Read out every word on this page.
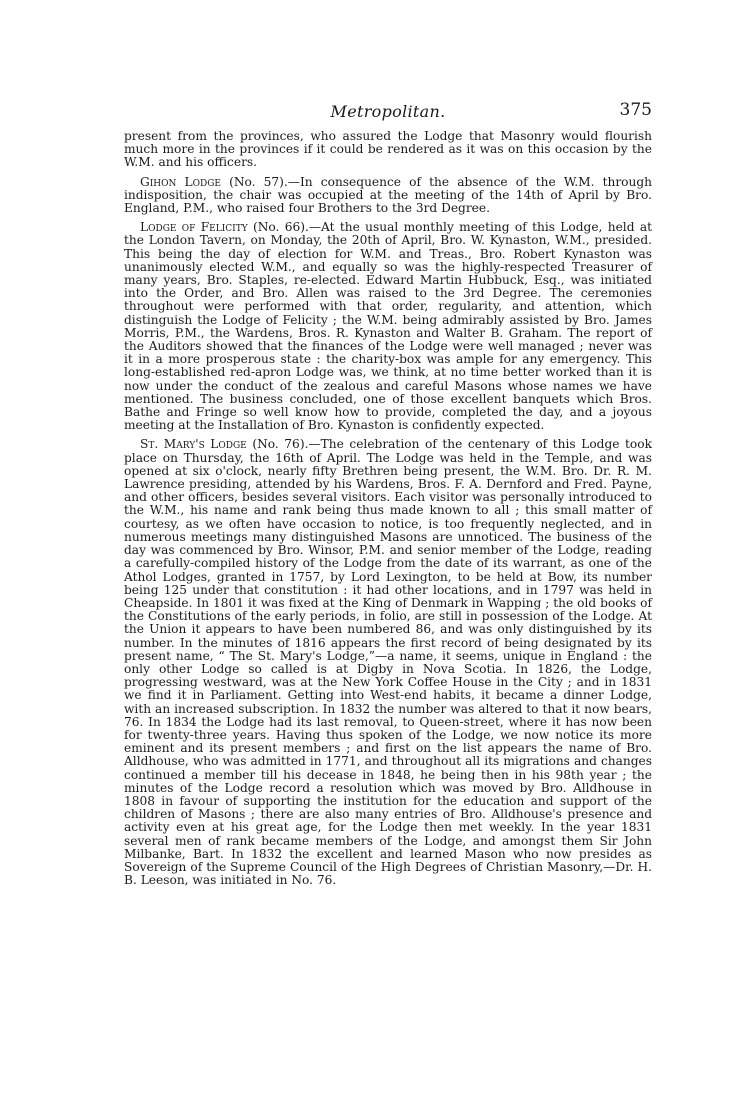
Metropolitan.	375

present from the provinces, who assured the Lodge that Masonry would flourish much more in the provinces if it could be rendered as it was on this occasion by the W.M. and his officers.

Gihon Lodge (No. 57).—In consequence of the absence of the W.M. through indisposition, the chair was occupied at the meeting of the 14th of April by Bro. England, P.M., who raised four Brothers to the 3rd Degree.

Lodge of Felicity (No. 66).—At the usual monthly meeting of this Lodge, held at the London Tavern, on Monday, the 20th of April, Bro. W. Kynaston, W.M., presided. This being the day of election for W.M. and Treas., Bro. Robert Kynaston was unanimously elected W.M., and equally so was the highly-respected Treasurer of many years, Bro. Staples, re-elected. Edward Martin Hubbuck, Esq., was initiated into the Order, and Bro. Allen was raised to the 3rd Degree. The ceremonies throughout were performed with that order, regularity, and attention, which distinguish the Lodge of Felicity ; the W.M. being admirably assisted by Bro. James Morris, P.M., the Wardens, Bros. R. Kynaston and Walter B. Graham. The report of the Auditors showed that the finances of the Lodge were well managed ; never was it in a more prosperous state : the charity-box was ample for any emergency. This long-established red-apron Lodge was, we think, at no time better worked than it is now under the conduct of the zealous and careful Masons whose names we have mentioned. The business concluded, one of those excellent banquets which Bros. Bathe and Fringe so well know how to provide, completed the day, and a joyous meeting at the Installation of Bro. Kynaston is confidently expected.

St. Mary's Lodge (No. 76).—The celebration of the centenary of this Lodge took place on Thursday, the 16th of April. The Lodge was held in the Temple, and was opened at six o'clock, nearly fifty Brethren being present, the W.M. Bro. Dr. R. M. Lawrence presiding, attended by his Wardens, Bros. F. A. Dernford and Fred. Payne, and other officers, besides several visitors. Each visitor was personally introduced to the W.M., his name and rank being thus made known to all ; this small matter of courtesy, as we often have occasion to notice, is too frequently neglected, and in numerous meetings many distinguished Masons are unnoticed. The business of the day was commenced by Bro. Winsor, P.M. and senior member of the Lodge, reading a carefully-compiled history of the Lodge from the date of its warrant, as one of the Athol Lodges, granted in 1757, by Lord Lexington, to be held at Bow, its number being 125 under that constitution : it had other locations, and in 1797 was held in Cheapside. In 1801 it was fixed at the King of Denmark in Wapping ; the old books of the Constitutions of the early periods, in folio, are still in possession of the Lodge. At the Union it appears to have been numbered 86, and was only distinguished by its number. In the minutes of 1816 appears the first record of being designated by its present name, “ The St. Mary's Lodge,”—a name, it seems, unique in England : the only other Lodge so called is at Digby in Nova Scotia. In 1826, the Lodge, progressing westward, was at the New York Coffee House in the City ; and in 1831 we find it in Parliament. Getting into West-end habits, it became a dinner Lodge, with an increased subscription. In 1832 the number was altered to that it now bears, 76. In 1834 the Lodge had its last removal, to Queen-street, where it has now been for twenty-three years. Having thus spoken of the Lodge, we now notice its more eminent and its present members ; and first on the list appears the name of Bro. Alldhouse, who was admitted in 1771, and throughout all its migrations and changes continued a member till his decease in 1848, he being then in his 98th year ; the minutes of the Lodge record a resolution which was moved by Bro. Alldhouse in 1808 in favour of supporting the institution for the education and support of the children of Masons ; there are also many entries of Bro. Alldhouse's presence and activity even at his great age, for the Lodge then met weekly. In the year 1831 several men of rank became members of the Lodge, and amongst them Sir John Milbanke, Bart. In 1832 the excellent and learned Mason who now presides as Sovereign of the Supreme Council of the High Degrees of Christian Masonry,—Dr. H. B. Leeson, was initiated in No. 76.
